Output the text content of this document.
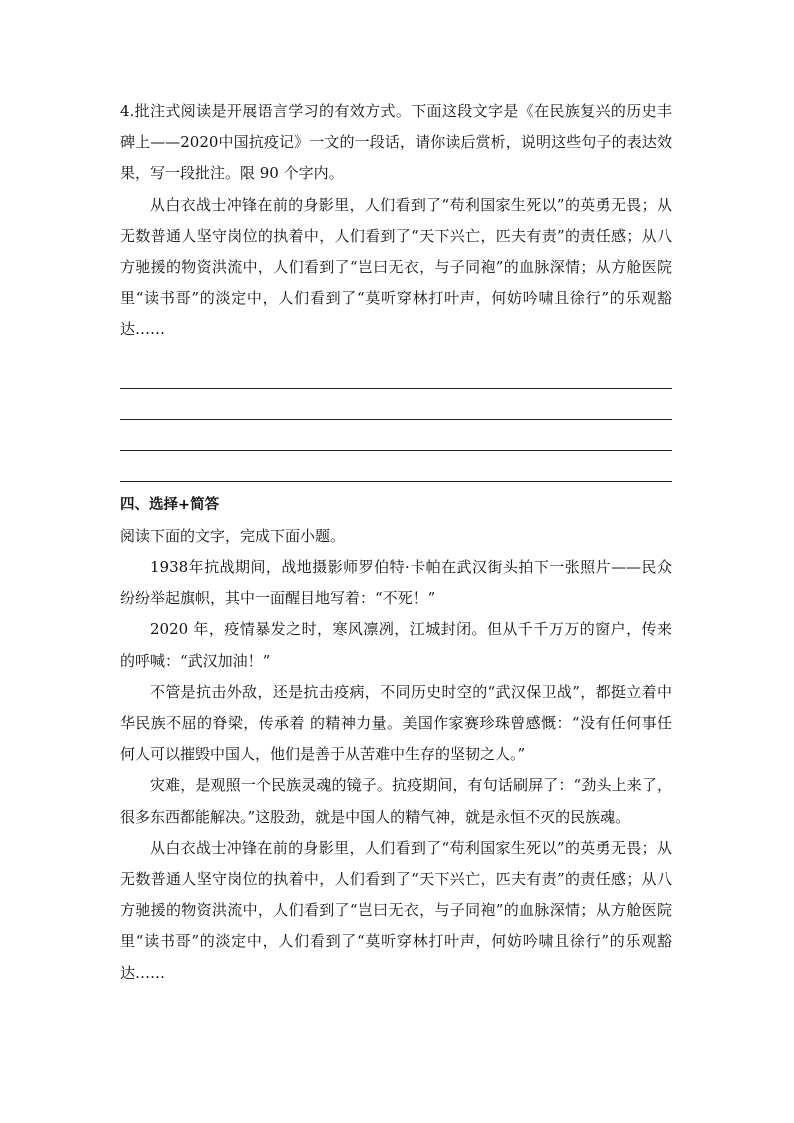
4.批注式阅读是开展语言学习的有效方式。下面这段文字是《在民族复兴的历史丰碑上——2020中国抗疫记》一文的一段话，请你读后赏析，说明这些句子的表达效果，写一段批注。限 90 个字内。

从白衣战士冲锋在前的身影里，人们看到了“苟利国家生死以”的英勇无畏；从无数普通人坚守岗位的执着中，人们看到了“天下兴亡，匹夫有责”的责任感；从八方驰援的物资洪流中，人们看到了“岂曰无衣，与子同袍”的血脉深情；从方舱医院里“读书哥”的淡定中，人们看到了“莫听穿林打叶声，何妨吟啸且徐行”的乐观豁达……

四、选择+简答

阅读下面的文字，完成下面小题。

1938年抗战期间，战地摄影师罗伯特·卡帕在武汉街头拍下一张照片——民众纷纷举起旗帜，其中一面醒目地写着：“不死！”

2020 年，疫情暴发之时，寒风凛冽，江城封闭。但从千千万万的窗户，传来 的呼喊：“武汉加油！”

不管是抗击外敌，还是抗击疫病，不同历史时空的“武汉保卫战”，都挺立着中华民族不屈的脊梁，传承着 的精神力量。美国作家赛珍珠曾感慨：“没有任何事任何人可以摧毁中国人，他们是善于从苦难中生存的坚韧之人。”

灾难，是观照一个民族灵魂的镜子。抗疫期间，有句话刷屏了：“劲头上来了，很多东西都能解决。”这股劲，就是中国人的精气神，就是永恒不灭的民族魂。

从白衣战士冲锋在前的身影里，人们看到了“苟利国家生死以”的英勇无畏；从无数普通人坚守岗位的执着中，人们看到了“天下兴亡，匹夫有责”的责任感；从八方驰援的物资洪流中，人们看到了“岂曰无衣，与子同袍”的血脉深情；从方舱医院里“读书哥”的淡定中，人们看到了“莫听穿林打叶声，何妨吟啸且徐行”的乐观豁达……
